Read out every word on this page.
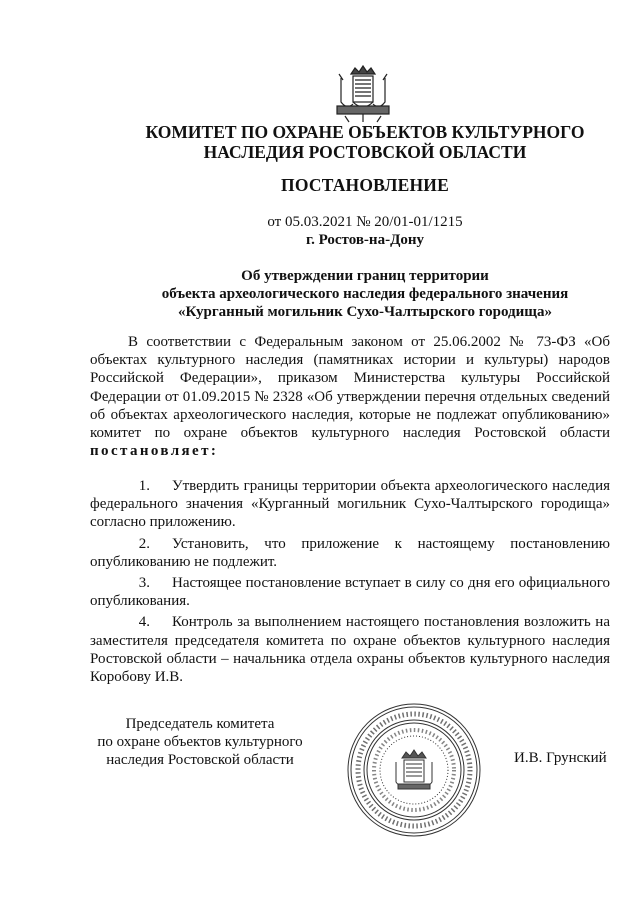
КОМИТЕТ ПО ОХРАНЕ ОБЪЕКТОВ КУЛЬТУРНОГО
НАСЛЕДИЯ РОСТОВСКОЙ ОБЛАСТИ
ПОСТАНОВЛЕНИЕ
от 05.03.2021 № 20/01-01/1215
г. Ростов-на-Дону
Об утверждении границ территории
объекта археологического наследия федерального значения
«Курганный могильник Сухо-Чалтырского городища»
В соответствии с Федеральным законом от 25.06.2002 № 73-ФЗ «Об объектах культурного наследия (памятниках истории и культуры) народов Российской Федерации», приказом Министерства культуры Российской Федерации от 01.09.2015 № 2328 «Об утверждении перечня отдельных сведений об объектах археологического наследия, которые не подлежат опубликованию» комитет по охране объектов культурного наследия Ростовской области постановляет:
1. Утвердить границы территории объекта археологического наследия федерального значения «Курганный могильник Сухо-Чалтырского городища» согласно приложению.
2. Установить, что приложение к настоящему постановлению опубликованию не подлежит.
3. Настоящее постановление вступает в силу со дня его официального опубликования.
4. Контроль за выполнением настоящего постановления возложить на заместителя председателя комитета по охране объектов культурного наследия Ростовской области – начальника отдела охраны объектов культурного наследия Коробову И.В.
Председатель комитета
по охране объектов культурного
наследия Ростовской области	И.В. Грунский
